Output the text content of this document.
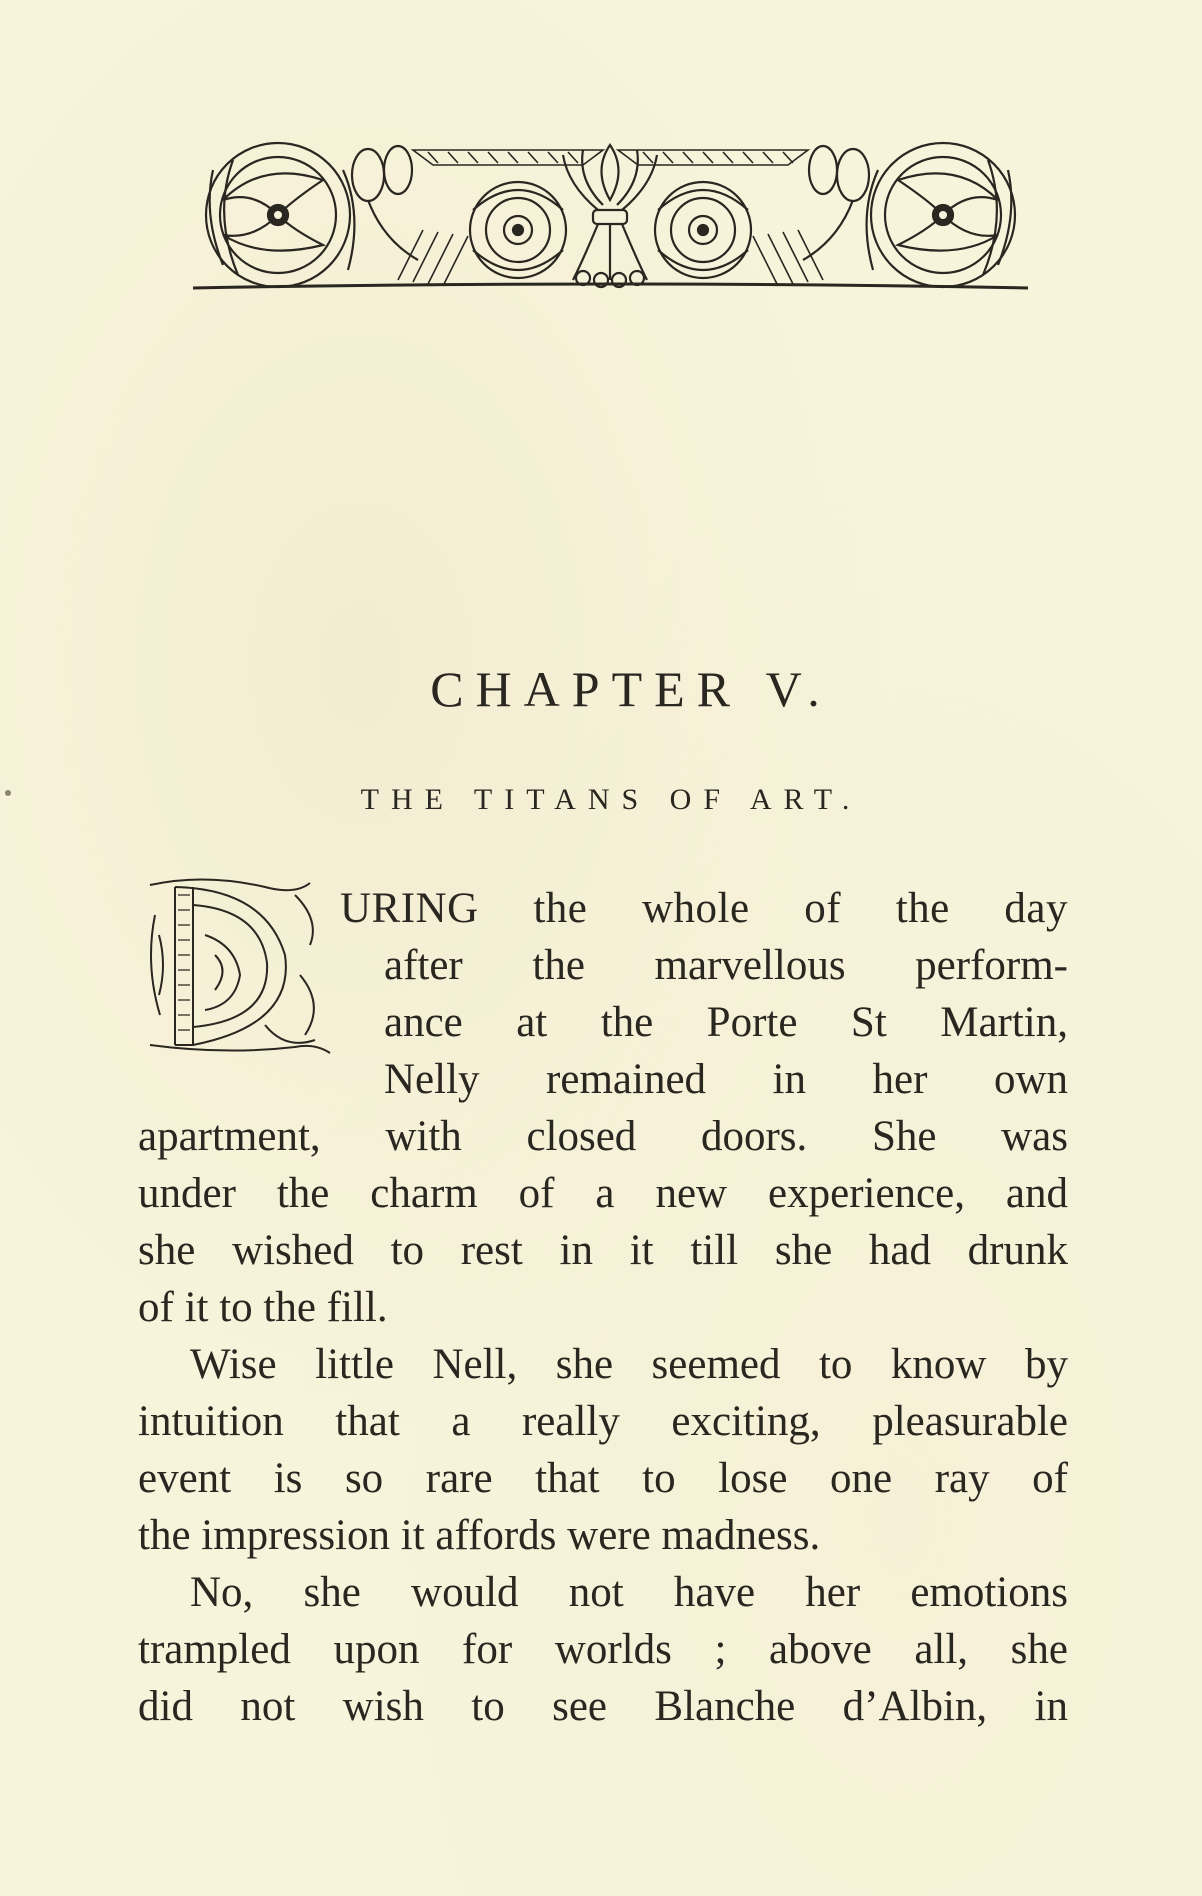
CHAPTER V.
THE TITANS OF ART.
D

URING the whole of the day

after the marvellous perform-

ance at the Porte St Martin,

Nelly remained in her own

apartment, with closed doors. She was

under the charm of a new experience, and

she wished to rest in it till she had drunk

of it to the fill.

Wise little Nell, she seemed to know by

intuition that a really exciting, pleasurable

event is so rare that to lose one ray of

the impression it affords were madness.

No, she would not have her emotions

trampled upon for worlds ; above all, she

did not wish to see Blanche d’Albin, in
